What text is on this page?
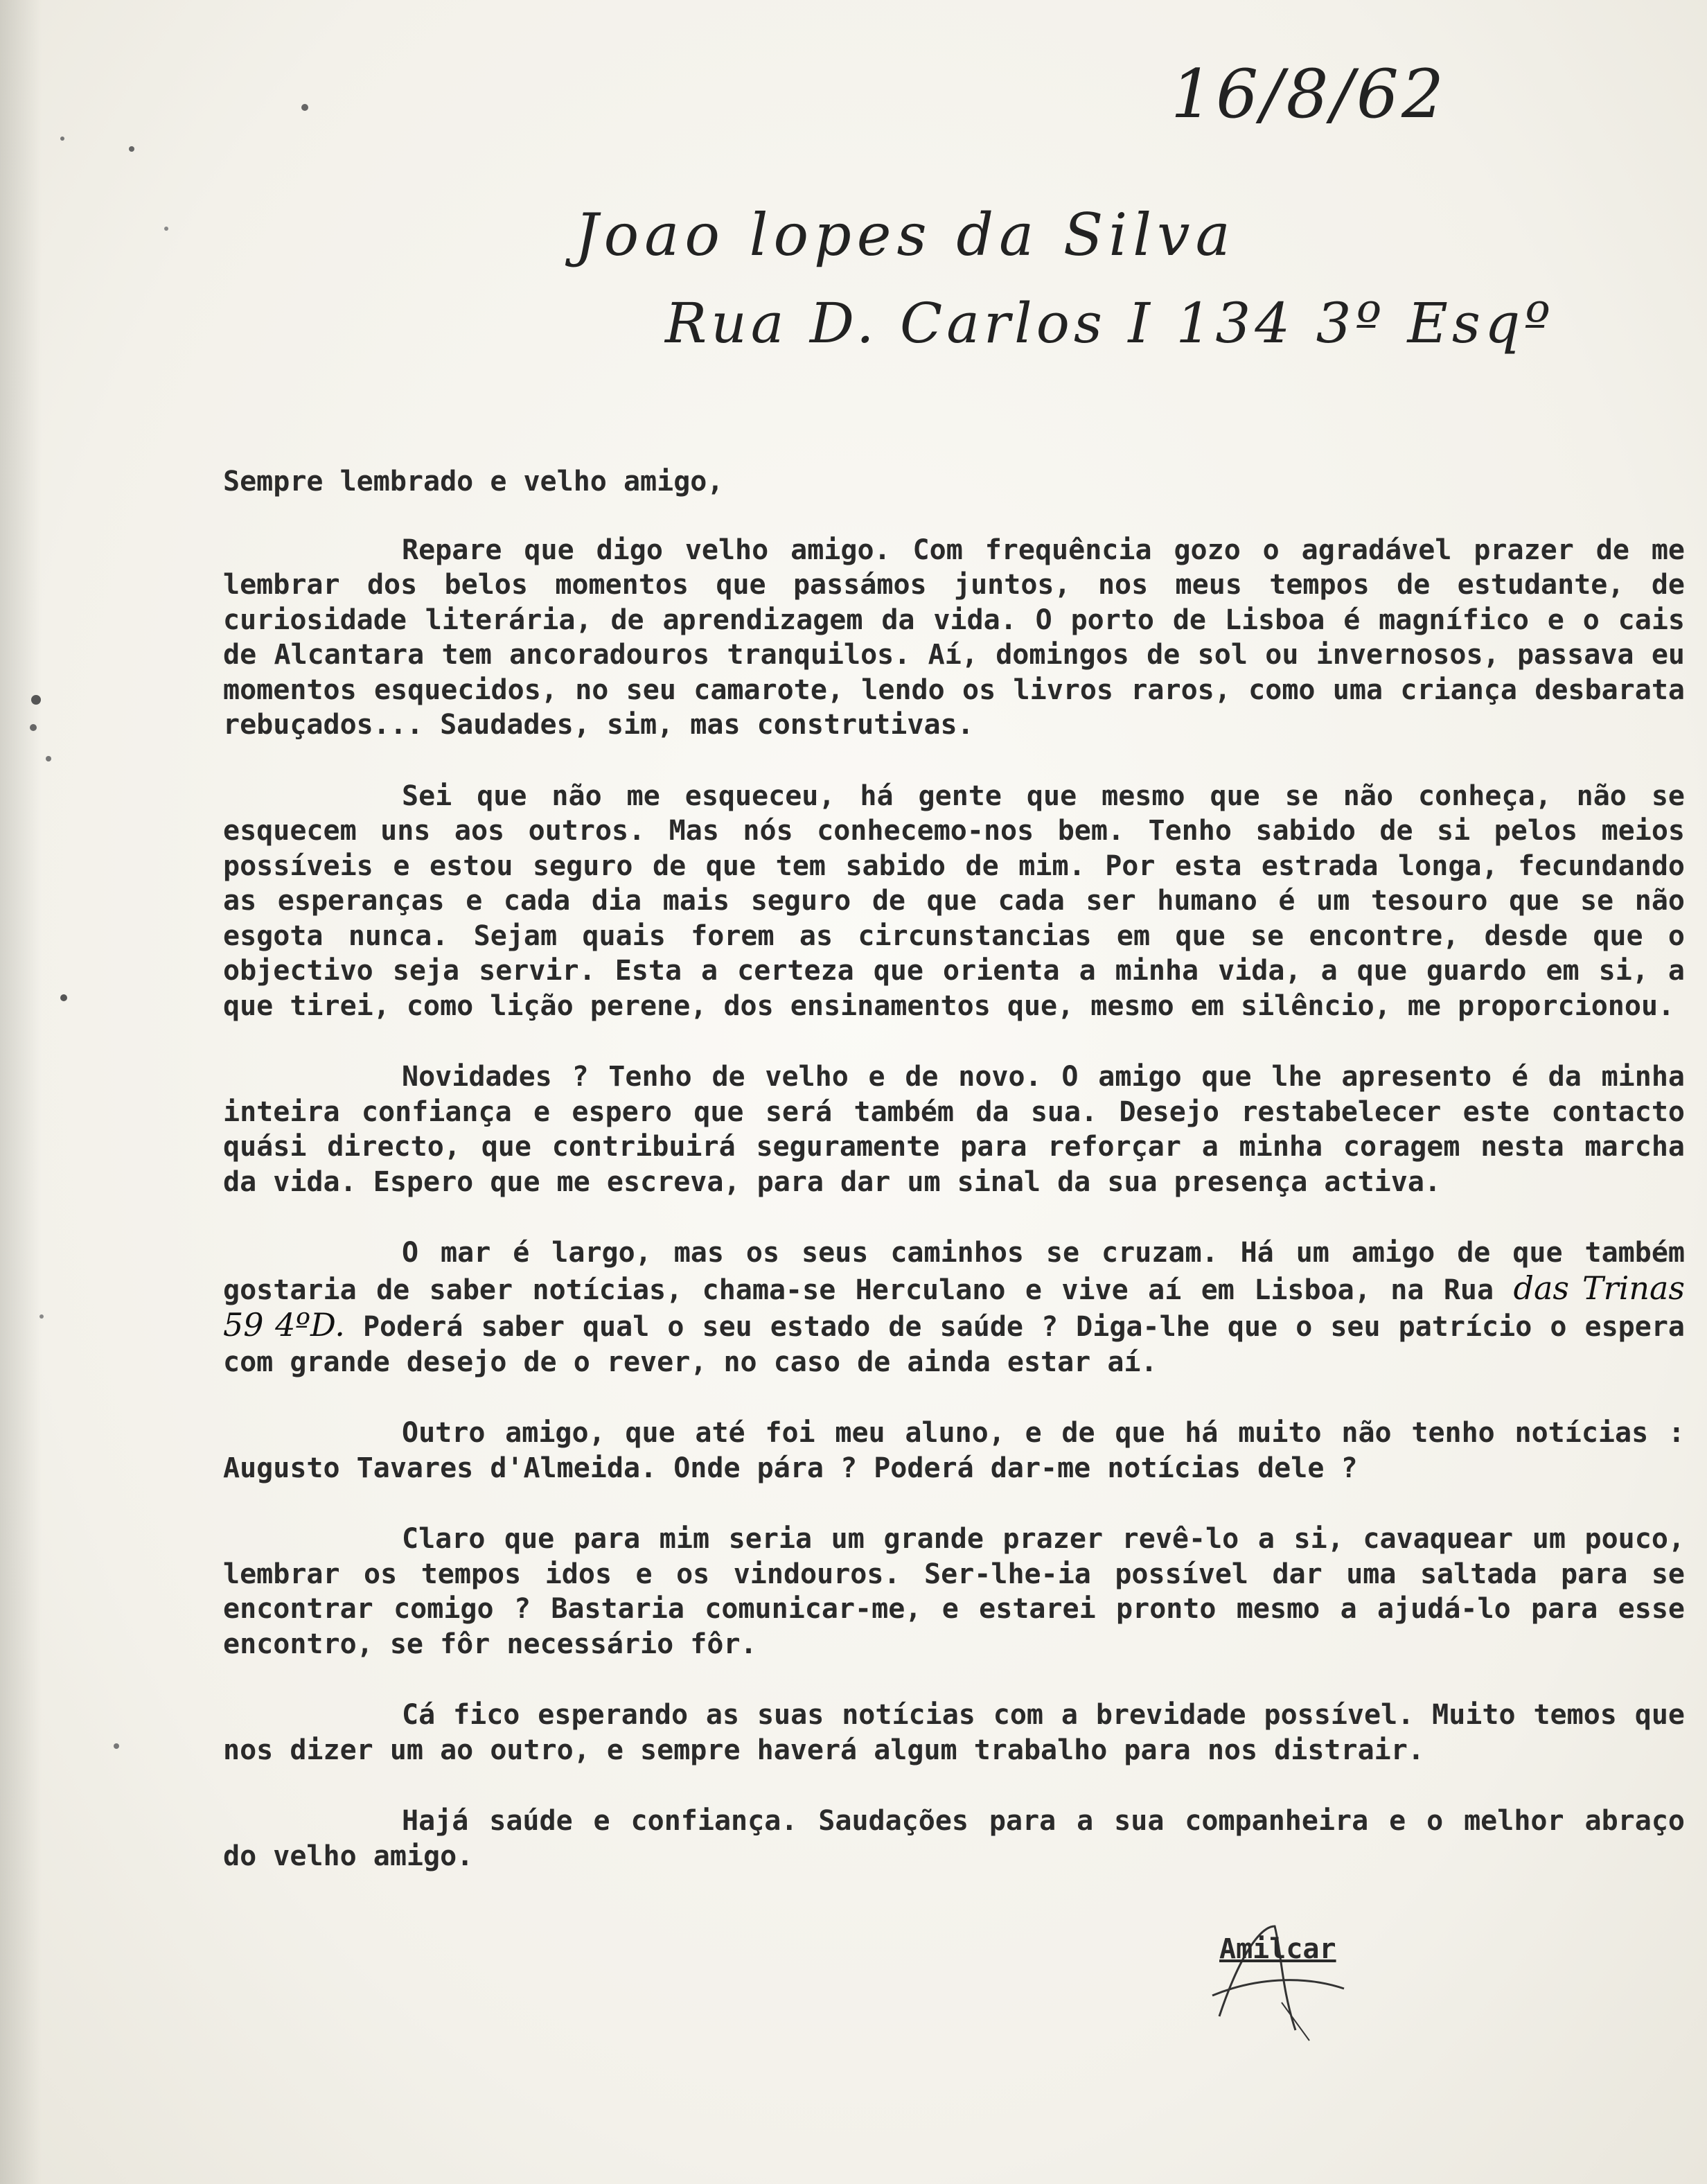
16/8/62
Joao lopes da Silva
Rua D. Carlos I 134 3º Esqº

Sempre lembrado e velho amigo,

Repare que digo velho amigo. Com frequência gozo o agradável prazer de me lembrar dos belos momentos que passámos juntos, nos meus tempos de estudante, de curiosidade literária, de aprendizagem da vida. O porto de Lisboa é magnífico e o cais de Alcantara tem ancoradouros tranquilos. Aí, domingos de sol ou invernosos, passava eu momentos esquecidos, no seu camarote, lendo os livros raros, como uma criança desbarata rebuçados... Saudades, sim, mas construtivas.

Sei que não me esqueceu, há gente que mesmo que se não conheça, não se esquecem uns aos outros. Mas nós conhecemo-nos bem. Tenho sabido de si pelos meios possíveis e estou seguro de que tem sabido de mim. Por esta estrada longa, fecundando as esperanças e cada dia mais seguro de que cada ser humano é um tesouro que se não esgota nunca. Sejam quais forem as circunstancias em que se encontre, desde que o objectivo seja servir. Esta a certeza que orienta a minha vida, a que guardo em si, a que tirei, como lição perene, dos ensinamentos que, mesmo em silêncio, me proporcionou.

Novidades ? Tenho de velho e de novo. O amigo que lhe apresento é da minha inteira confiança e espero que será também da sua. Desejo restabelecer este contacto quási directo, que contribuirá seguramente para reforçar a minha coragem nesta marcha da vida. Espero que me escreva, para dar um sinal da sua presença activa.

O mar é largo, mas os seus caminhos se cruzam. Há um amigo de que também gostaria de saber notícias, chama-se Herculano e vive aí em Lisboa, na Rua das Trinas 59 4ºD. Poderá saber qual o seu estado de saúde ? Diga-lhe que o seu patrício o espera com grande desejo de o rever, no caso de ainda estar aí.

Outro amigo, que até foi meu aluno, e de que há muito não tenho notícias : Augusto Tavares d'Almeida. Onde pára ? Poderá dar-me notícias dele ?

Claro que para mim seria um grande prazer revê-lo a si, cavaquear um pouco, lembrar os tempos idos e os vindouros. Ser-lhe-ia possível dar uma saltada para se encontrar comigo ? Bastaria comunicar-me, e estarei pronto mesmo a ajudá-lo para esse encontro, se fôr necessário fôr.

Cá fico esperando as suas notícias com a brevidade possível. Muito temos que nos dizer um ao outro, e sempre haverá algum trabalho para nos distrair.

Hajá saúde e confiança. Saudações para a sua companheira e o melhor abraço do velho amigo.

Amilcar
